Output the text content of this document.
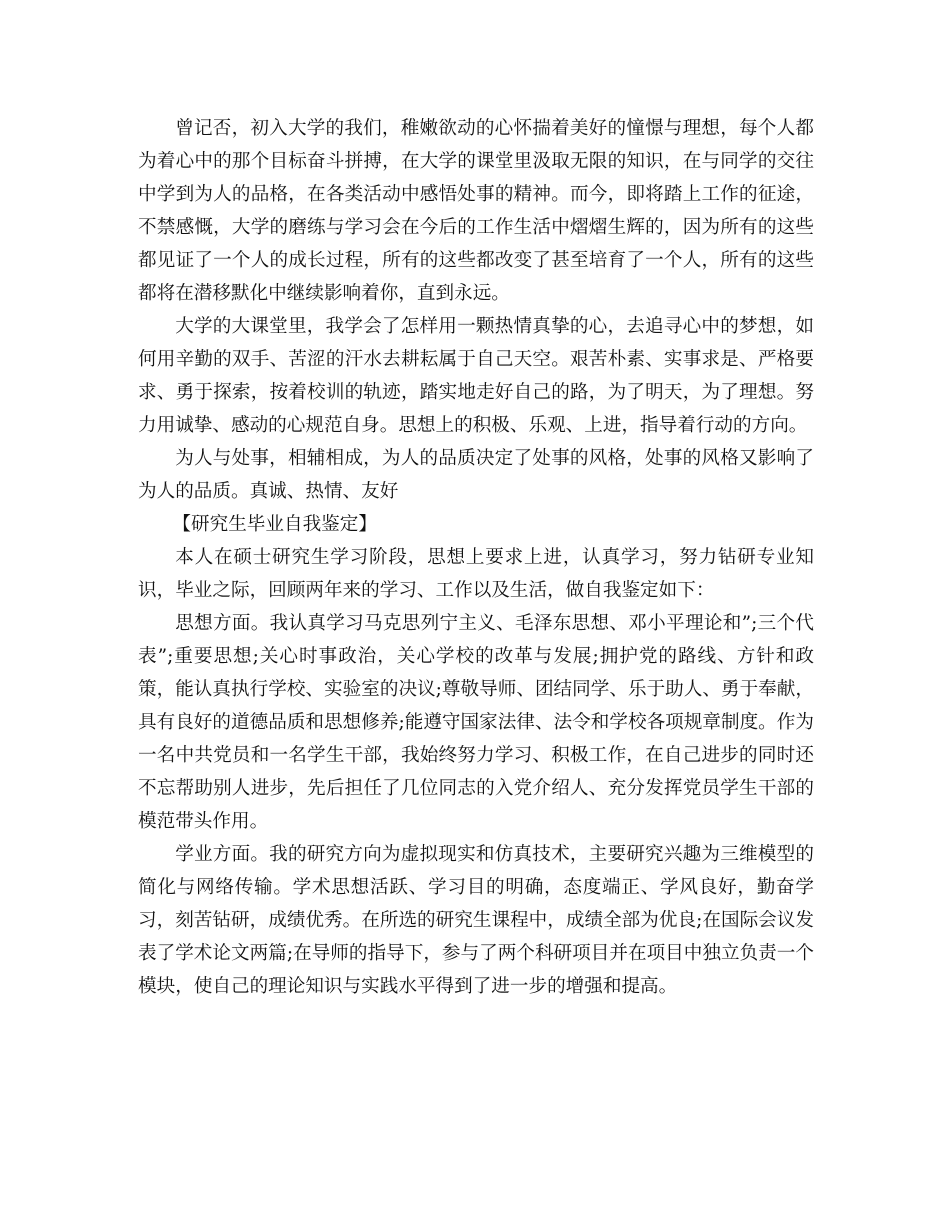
曾记否，初入大学的我们，稚嫩欲动的心怀揣着美好的憧憬与理想，每个人都为着心中的那个目标奋斗拼搏，在大学的课堂里汲取无限的知识，在与同学的交往中学到为人的品格，在各类活动中感悟处事的精神。而今，即将踏上工作的征途，不禁感慨，大学的磨练与学习会在今后的工作生活中熠熠生辉的，因为所有的这些都见证了一个人的成长过程，所有的这些都改变了甚至培育了一个人，所有的这些都将在潜移默化中继续影响着你，直到永远。

大学的大课堂里，我学会了怎样用一颗热情真挚的心，去追寻心中的梦想，如何用辛勤的双手、苦涩的汗水去耕耘属于自己天空。艰苦朴素、实事求是、严格要求、勇于探索，按着校训的轨迹，踏实地走好自己的路，为了明天，为了理想。努力用诚挚、感动的心规范自身。思想上的积极、乐观、上进，指导着行动的方向。

为人与处事，相辅相成，为人的品质决定了处事的风格，处事的风格又影响了为人的品质。真诚、热情、友好

【研究生毕业自我鉴定】

本人在硕士研究生学习阶段，思想上要求上进，认真学习，努力钻研专业知识，毕业之际，回顾两年来的学习、工作以及生活，做自我鉴定如下：

思想方面。我认真学习马克思列宁主义、毛泽东思想、邓小平理论和”;三个代表”;重要思想;关心时事政治，关心学校的改革与发展;拥护党的路线、方针和政策，能认真执行学校、实验室的决议;尊敬导师、团结同学、乐于助人、勇于奉献，具有良好的道德品质和思想修养;能遵守国家法律、法令和学校各项规章制度。作为一名中共党员和一名学生干部，我始终努力学习、积极工作，在自己进步的同时还不忘帮助别人进步，先后担任了几位同志的入党介绍人、充分发挥党员学生干部的模范带头作用。

学业方面。我的研究方向为虚拟现实和仿真技术，主要研究兴趣为三维模型的简化与网络传输。学术思想活跃、学习目的明确，态度端正、学风良好，勤奋学习，刻苦钻研，成绩优秀。在所选的研究生课程中，成绩全部为优良;在国际会议发表了学术论文两篇;在导师的指导下，参与了两个科研项目并在项目中独立负责一个模块，使自己的理论知识与实践水平得到了进一步的增强和提高。
